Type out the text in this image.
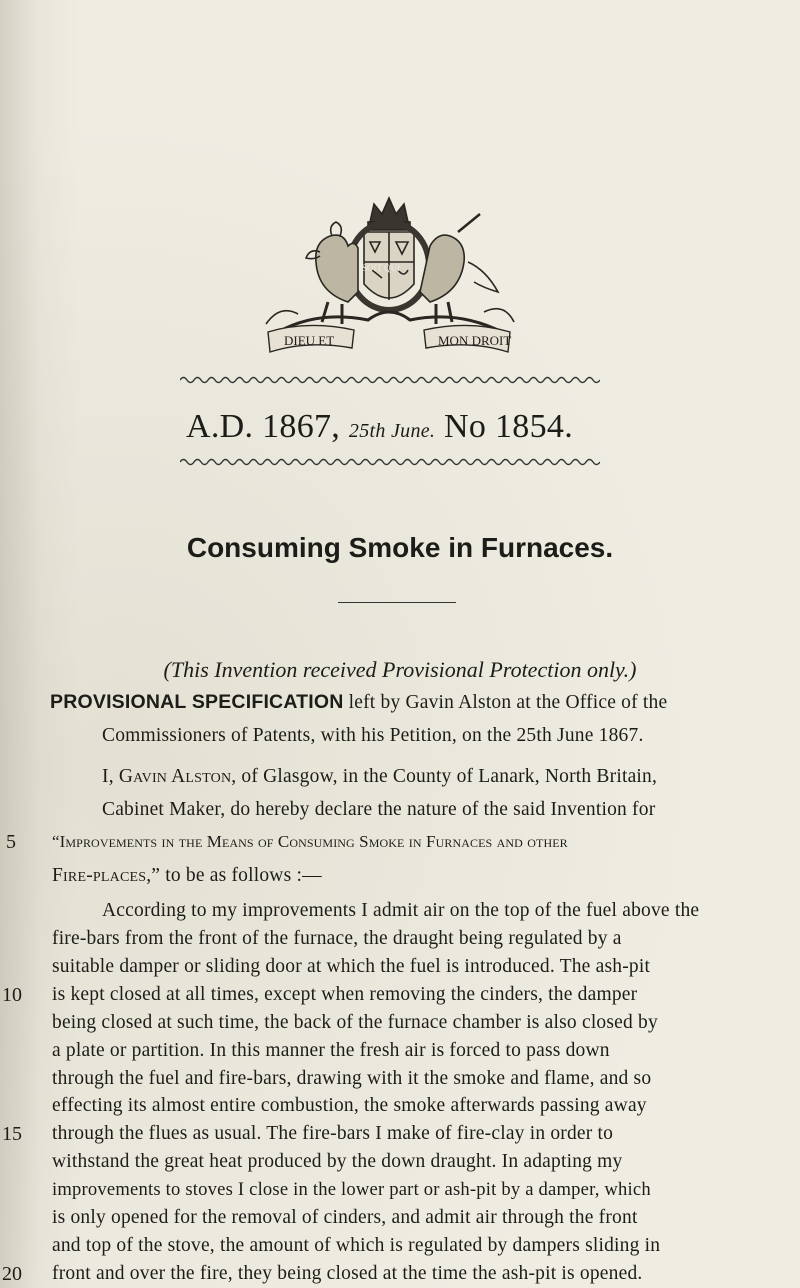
DIEU ET	MON DROIT
SOIT QUI
A.D. 1867, 25th June. No 1854.
Consuming Smoke in Furnaces.
(This Invention received Provisional Protection only.)
PROVISIONAL SPECIFICATION left by Gavin Alston at the Office of the
Commissioners of Patents, with his Petition, on the 25th June 1867.
I, Gavin Alston, of Glasgow, in the County of Lanark, North Britain,
Cabinet Maker, do hereby declare the nature of the said Invention for
5 “Improvements in the Means of Consuming Smoke in Furnaces and other
Fire-places,” to be as follows :—
According to my improvements I admit air on the top of the fuel above the
fire-bars from the front of the furnace, the draught being regulated by a
suitable damper or sliding door at which the fuel is introduced. The ash-pit
10 is kept closed at all times, except when removing the cinders, the damper
being closed at such time, the back of the furnace chamber is also closed by
a plate or partition. In this manner the fresh air is forced to pass down
through the fuel and fire-bars, drawing with it the smoke and flame, and so
effecting its almost entire combustion, the smoke afterwards passing away
15 through the flues as usual. The fire-bars I make of fire-clay in order to
withstand the great heat produced by the down draught. In adapting my
improvements to stoves I close in the lower part or ash-pit by a damper, which
is only opened for the removal of cinders, and admit air through the front
and top of the stove, the amount of which is regulated by dampers sliding in
20 front and over the fire, they being closed at the time the ash-pit is opened.
